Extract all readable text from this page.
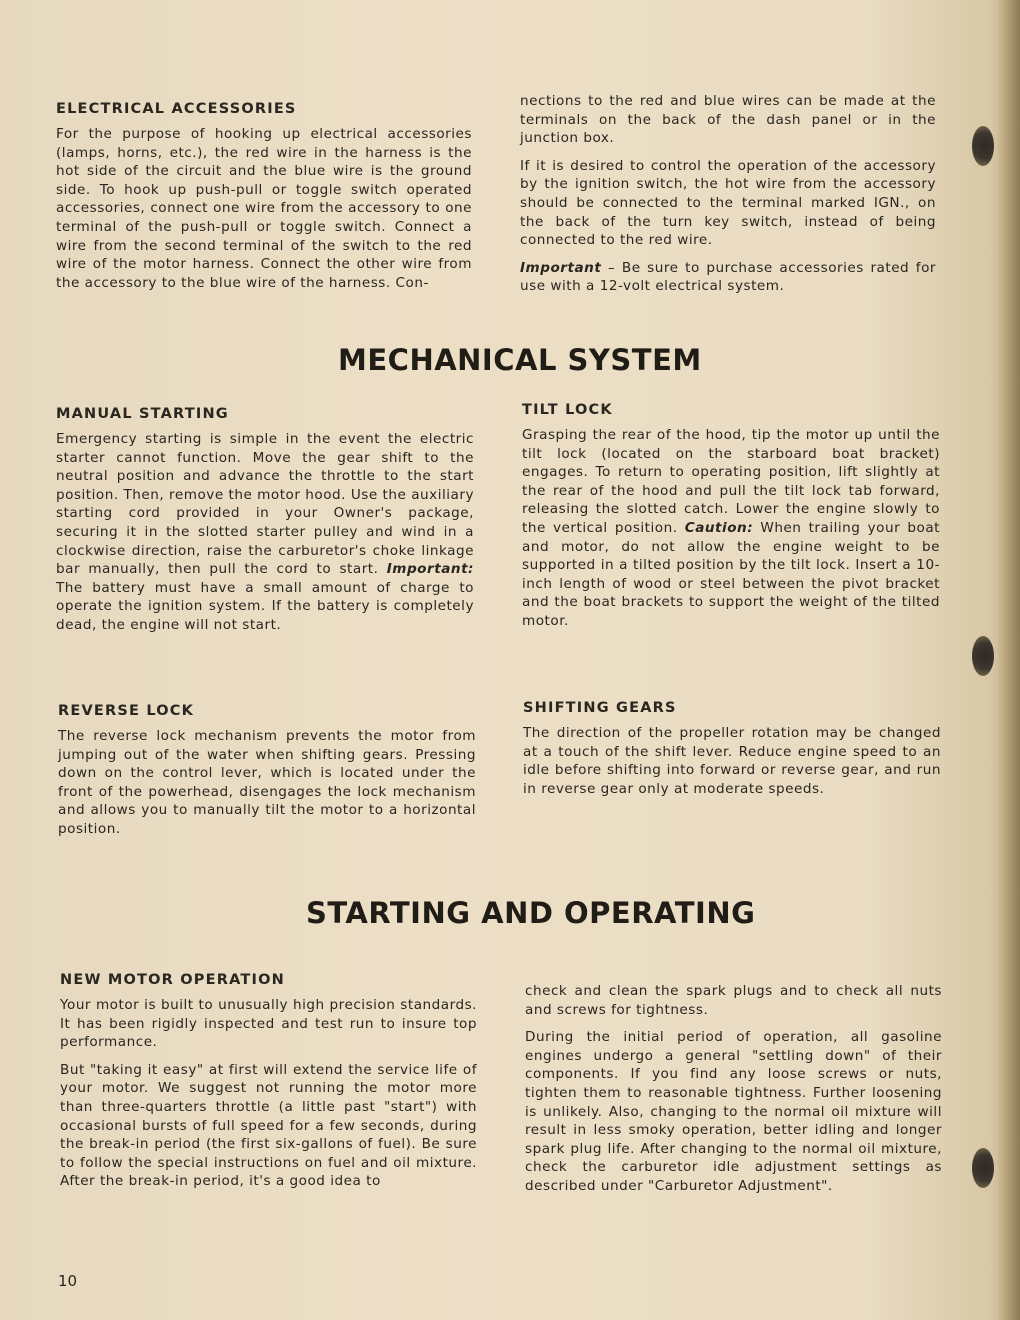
ELECTRICAL ACCESSORIES

For the purpose of hooking up electrical accessories (lamps, horns, etc.), the red wire in the harness is the hot side of the circuit and the blue wire is the ground side. To hook up push-pull or toggle switch operated accessories, connect one wire from the accessory to one terminal of the push-pull or toggle switch. Connect a wire from the second terminal of the switch to the red wire of the motor harness. Connect the other wire from the accessory to the blue wire of the harness. Con-

nections to the red and blue wires can be made at the terminals on the back of the dash panel or in the junction box.

If it is desired to control the operation of the accessory by the ignition switch, the hot wire from the accessory should be connected to the terminal marked IGN., on the back of the turn key switch, instead of being connected to the red wire.

Important – Be sure to purchase accessories rated for use with a 12-volt electrical system.

MECHANICAL SYSTEM
MANUAL STARTING

Emergency starting is simple in the event the electric starter cannot function. Move the gear shift to the neutral position and advance the throttle to the start position. Then, remove the motor hood. Use the auxiliary starting cord provided in your Owner's package, securing it in the slotted starter pulley and wind in a clockwise direction, raise the carburetor's choke linkage bar manually, then pull the cord to start. Important: The battery must have a small amount of charge to operate the ignition system. If the battery is completely dead, the engine will not start.

TILT LOCK

Grasping the rear of the hood, tip the motor up until the tilt lock (located on the starboard boat bracket) engages. To return to operating position, lift slightly at the rear of the hood and pull the tilt lock tab forward, releasing the slotted catch. Lower the engine slowly to the vertical position. Caution: When trailing your boat and motor, do not allow the engine weight to be supported in a tilted position by the tilt lock. Insert a 10-inch length of wood or steel between the pivot bracket and the boat brackets to support the weight of the tilted motor.

REVERSE LOCK

The reverse lock mechanism prevents the motor from jumping out of the water when shifting gears. Pressing down on the control lever, which is located under the front of the powerhead, disengages the lock mechanism and allows you to manually tilt the motor to a horizontal position.

SHIFTING GEARS

The direction of the propeller rotation may be changed at a touch of the shift lever. Reduce engine speed to an idle before shifting into forward or reverse gear, and run in reverse gear only at moderate speeds.

STARTING AND OPERATING
NEW MOTOR OPERATION

Your motor is built to unusually high precision standards. It has been rigidly inspected and test run to insure top performance.

But "taking it easy" at first will extend the service life of your motor. We suggest not running the motor more than three-quarters throttle (a little past "start") with occasional bursts of full speed for a few seconds, during the break-in period (the first six-gallons of fuel). Be sure to follow the special instructions on fuel and oil mixture. After the break-in period, it's a good idea to

check and clean the spark plugs and to check all nuts and screws for tightness.

During the initial period of operation, all gasoline engines undergo a general "settling down" of their components. If you find any loose screws or nuts, tighten them to reasonable tightness. Further loosening is unlikely. Also, changing to the normal oil mixture will result in less smoky operation, better idling and longer spark plug life. After changing to the normal oil mixture, check the carburetor idle adjustment settings as described under "Carburetor Adjustment".

10
